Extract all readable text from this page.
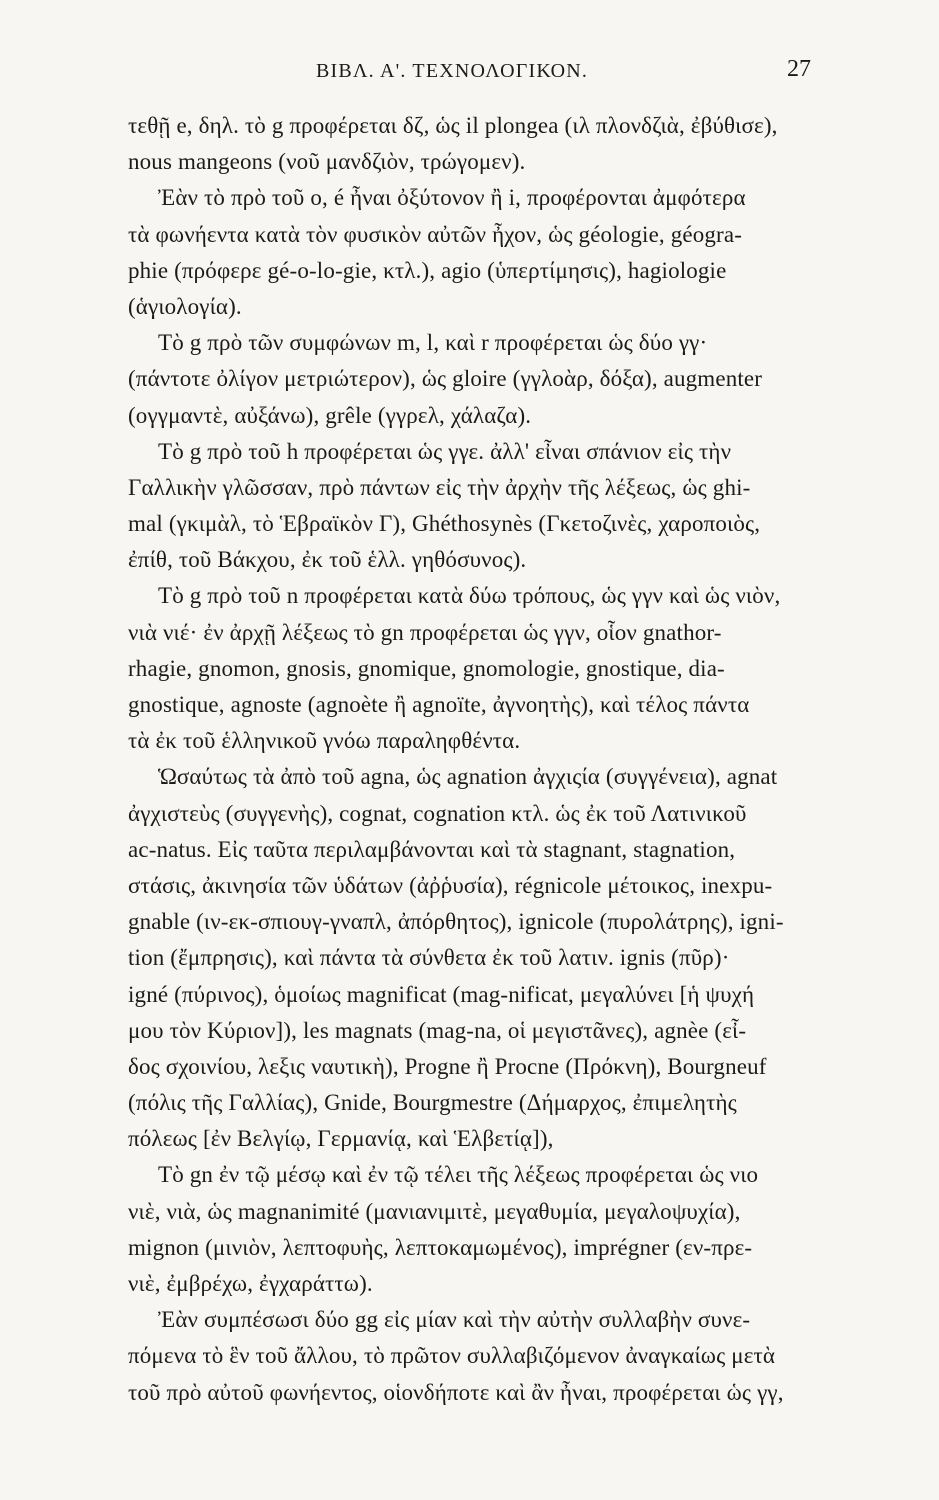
ΒΙΒΛ. Α'. ΤΕΧΝΟΛΟΓΙΚΟΝ.	27
τεθῇ e, δηλ. τὸ g προφέρεται δζ, ὡς il plongea (ιλ πλονδζιὰ, ἐβύθισε),
nous mangeons (νοῦ μανδζιὸν, τρώγομεν).
Ἐὰν τὸ πρὸ τοῦ o, é ἦναι ὀξύτονον ἢ i, προφέρονται ἀμφότερα
τὰ φωνήεντα κατὰ τὸν φυσικὸν αὐτῶν ἦχον, ὡς géologie, géogra-
phie (πρόφερε gé-o-lo-gie, κτλ.), agio (ὑπερτίμησις), hagiologie
(ἁγιολογία).
Τὸ g πρὸ τῶν συμφώνων m, l, καὶ r προφέρεται ὡς δύο γγ·
(πάντοτε ὀλίγον μετριώτερον), ὡς gloire (γγλοὰρ, δόξα), augmenter
(ογγμαντὲ, αὐξάνω), grêle (γγρελ, χάλαζα).
Τὸ g πρὸ τοῦ h προφέρεται ὡς γγε. ἀλλ' εἶναι σπάνιον εἰς τὴν
Γαλλικὴν γλῶσσαν, πρὸ πάντων εἰς τὴν ἀρχὴν τῆς λέξεως, ὡς ghi-
mal (γκιμὰλ, τὸ Ἑβραϊκὸν Γ), Ghéthosynès (Γκετοζινὲς, χαροποιὸς,
ἐπίθ, τοῦ Βάκχου, ἐκ τοῦ ἑλλ. γηθόσυνος).
Τὸ g πρὸ τοῦ n προφέρεται κατὰ δύω τρόπους, ὡς γγν καὶ ὡς νιὸν,
νιὰ νιέ· ἐν ἀρχῇ λέξεως τὸ gn προφέρεται ὡς γγν, οἷον gnathor-
rhagie, gnomon, gnosis, gnomique, gnomologie, gnostique, dia-
gnostique, agnoste (agnoète ἢ agnoïte, ἀγνοητὴς), καὶ τέλος πάντα
τὰ ἐκ τοῦ ἑλληνικοῦ γνόω παραληφθέντα.
Ὡσαύτως τὰ ἀπὸ τοῦ agna, ὡς agnation ἀγχιςία (συγγένεια), agnat
ἀγχιστεὺς (συγγενὴς), cognat, cognation κτλ. ὡς ἐκ τοῦ Λατινικοῦ
ac-natus. Εἰς ταῦτα περιλαμβάνονται καὶ τὰ stagnant, stagnation,
στάσις, ἀκινησία τῶν ὑδάτων (ἀῤῥυσία), régnicole μέτοικος, inexpu-
gnable (ιν-εκ-σπιουγ-γναπλ, ἀπόρθητος), ignicole (πυρολάτρης), igni-
tion (ἔμπρησις), καὶ πάντα τὰ σύνθετα ἐκ τοῦ λατιν. ignis (πῦρ)·
igné (πύρινος), ὁμοίως magnificat (mag-nificat, μεγαλύνει [ἡ ψυχή
μου τὸν Κύριον]), les magnats (mag-na, οἱ μεγιστᾶνες), agnèe (εἶ-
δος σχοινίου, λεξις ναυτικὴ), Progne ἢ Procne (Πρόκνη), Bourgneuf
(πόλις τῆς Γαλλίας), Gnide, Bourgmestre (Δήμαρχος, ἐπιμελητὴς
πόλεως [ἐν Βελγίῳ, Γερμανίᾳ, καὶ Ἑλβετίᾳ]),
Τὸ gn ἐν τῷ μέσῳ καὶ ἐν τῷ τέλει τῆς λέξεως προφέρεται ὡς νιο
νιὲ, νιὰ, ὡς magnanimité (μανιανιμιτὲ, μεγαθυμία, μεγαλοψυχία),
mignon (μινιὸν, λεπτοφυὴς, λεπτοκαμωμένος), imprégner (εν-πρε-
νιὲ, ἐμβρέχω, ἐγχαράττω).
Ἐὰν συμπέσωσι δύο gg εἰς μίαν καὶ τὴν αὐτὴν συλλαβὴν συνε-
πόμενα τὸ ἓν τοῦ ἄλλου, τὸ πρῶτον συλλαβιζόμενον ἀναγκαίως μετὰ
τοῦ πρὸ αὐτοῦ φωνήεντος, οἱονδήποτε καὶ ἂν ἦναι, προφέρεται ὡς γγ,
